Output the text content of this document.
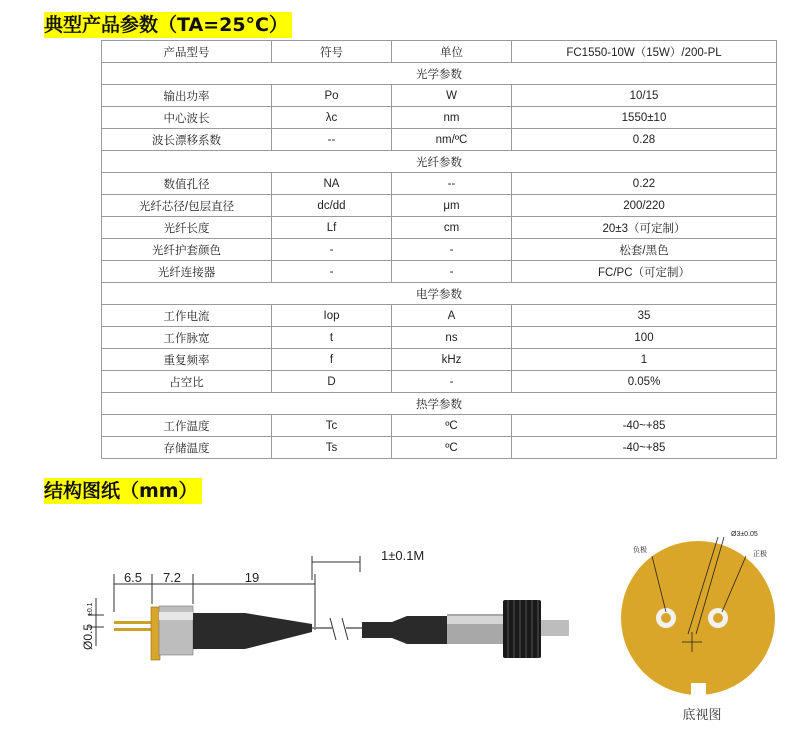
典型产品参数（TA=25°C）
产品型号	符号	单位	FC1550-10W（15W）/200-PL
光学参数			
输出功率	Po	W	10/15
中心波长	λc	nm	1550±10
波长漂移系数	--	nm/ºC	0.28
光纤参数			
数值孔径	NA	--	0.22
光纤芯径/包层直径	dc/dd	μm	200/220
光纤长度	Lf	cm	20±3（可定制）
光纤护套颜色	-	-	松套/黑色
光纤连接器	-	-	FC/PC（可定制）
电学参数			
工作电流	Iop	A	35
工作脉宽	t	ns	100
重复频率	f	kHz	1
占空比	D	-	0.05%
热学参数			
工作温度	Tc	ºC	-40~+85
存储温度	Ts	ºC	-40~+85
结构图纸（mm）
6.5 7.2	19
1±0.1M
Ø0.5
±0.1
Ø3±0.05
负极
正极
底视图
